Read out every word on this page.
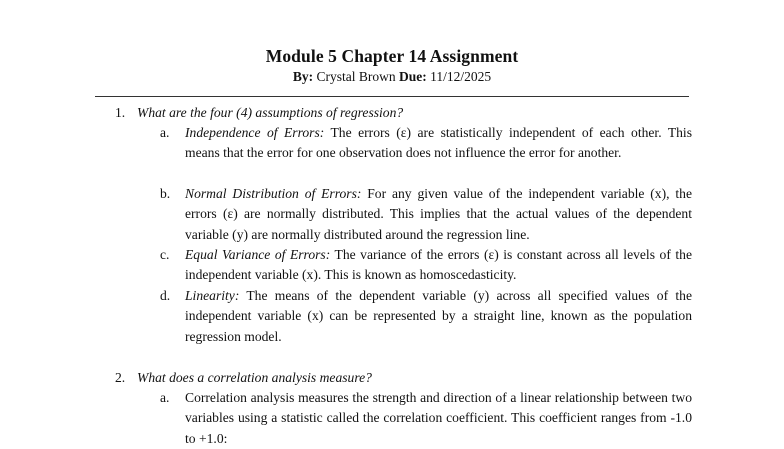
Module 5 Chapter 14 Assignment
By: Crystal Brown Due: 11/12/2025
1. What are the four (4) assumptions of regression?
a. Independence of Errors: The errors (ε) are statistically independent of each other. This means that the error for one observation does not influence the error for another.
b. Normal Distribution of Errors: For any given value of the independent variable (x), the errors (ε) are normally distributed. This implies that the actual values of the dependent variable (y) are normally distributed around the regression line.
c. Equal Variance of Errors: The variance of the errors (ε) is constant across all levels of the independent variable (x). This is known as homoscedasticity.
d. Linearity: The means of the dependent variable (y) across all specified values of the independent variable (x) can be represented by a straight line, known as the population regression model.
2. What does a correlation analysis measure?
a. Correlation analysis measures the strength and direction of a linear relationship between two variables using a statistic called the correlation coefficient. This coefficient ranges from -1.0 to +1.0:
